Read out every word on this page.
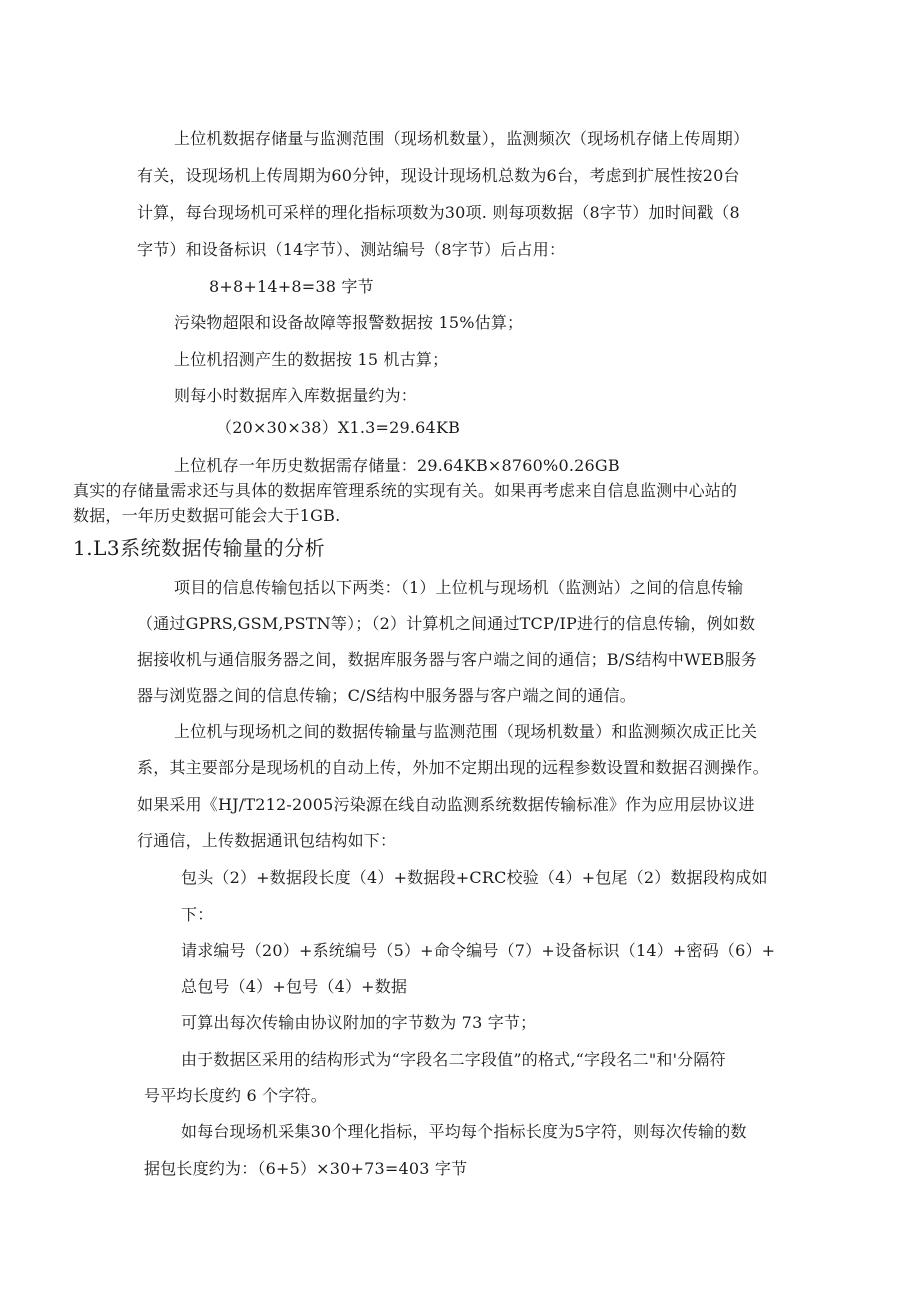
上位机数据存储量与监测范围（现场机数量），监测频次（现场机存储上传周期）
有关，设现场机上传周期为60分钟，现设计现场机总数为6台，考虑到扩展性按20台
计算，每台现场机可采样的理化指标项数为30项. 则每项数据（8字节）加时间戳（8
字节）和设备标识（14字节）、测站编号（8字节）后占用：
8+8+14+8=38 字节
污染物超限和设备故障等报警数据按 15%估算；
上位机招测产生的数据按 15 机古算；
则每小时数据库入库数据量约为：
（20×30×38）X1.3=29.64KB
上位机存一年历史数据需存储量：29.64KB×8760%0.26GB
真实的存储量需求还与具体的数据库管理系统的实现有关。如果再考虑来自信息监测中心站的
数据，一年历史数据可能会大于1GB.
1.L3系统数据传输量的分析
项目的信息传输包括以下两类：（1）上位机与现场机（监测站）之间的信息传输
（通过GPRS,GSM,PSTN等）；（2）计算机之间通过TCP/IP进行的信息传输，例如数
据接收机与通信服务器之间，数据库服务器与客户端之间的通信；B/S结构中WEB服务
器与浏览器之间的信息传输；C/S结构中服务器与客户端之间的通信。
上位机与现场机之间的数据传输量与监测范围（现场机数量）和监测频次成正比关
系，其主要部分是现场机的自动上传，外加不定期出现的远程参数设置和数据召测操作。
如果采用《HJ/T212-2005污染源在线自动监测系统数据传输标准》作为应用层协议进
行通信，上传数据通讯包结构如下：
包头（2）+数据段长度（4）+数据段+CRC校验（4）+包尾（2）数据段构成如
下：
请求编号（20）+系统编号（5）+命令编号（7）+设备标识（14）+密码（6）+
总包号（4）+包号（4）+数据
可算出每次传输由协议附加的字节数为 73 字节；
由于数据区采用的结构形式为“字段名二字段值”的格式,“字段名二"和'分隔符
号平均长度约 6 个字符。
如每台现场机采集30个理化指标，平均每个指标长度为5字符，则每次传输的数
据包长度约为：（6+5）×30+73=403 字节
